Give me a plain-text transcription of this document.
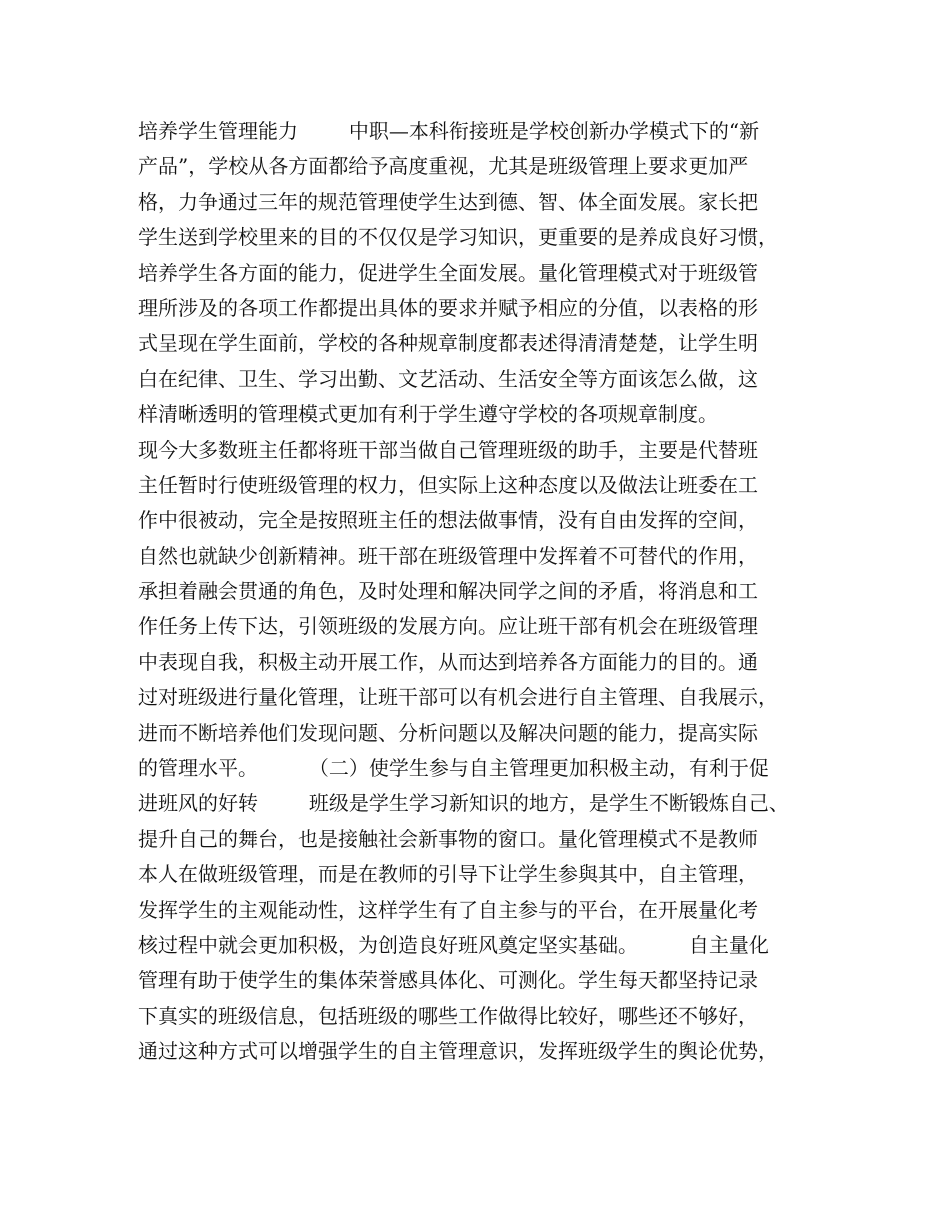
培养学生管理能力        中职—本科衔接班是学校创新办学模式下的“新
产品”，学校从各方面都给予高度重视，尤其是班级管理上要求更加严
格，力争通过三年的规范管理使学生达到德、智、体全面发展。家长把
学生送到学校里来的目的不仅仅是学习知识，更重要的是养成良好习惯，
培养学生各方面的能力，促进学生全面发展。量化管理模式对于班级管
理所涉及的各项工作都提出具体的要求并赋予相应的分值，以表格的形
式呈现在学生面前，学校的各种规章制度都表述得清清楚楚，让学生明
白在纪律、卫生、学习出勤、文艺活动、生活安全等方面该怎么做，这
样清晰透明的管理模式更加有利于学生遵守学校的各项规章制度。
现今大多数班主任都将班干部当做自己管理班级的助手，主要是代替班
主任暂时行使班级管理的权力，但实际上这种态度以及做法让班委在工
作中很被动，完全是按照班主任的想法做事情，没有自由发挥的空间，
自然也就缺少创新精神。班干部在班级管理中发挥着不可替代的作用，
承担着融会贯通的角色，及时处理和解决同学之间的矛盾，将消息和工
作任务上传下达，引领班级的发展方向。应让班干部有机会在班级管理
中表现自我，积极主动开展工作，从而达到培养各方面能力的目的。通
过对班级进行量化管理，让班干部可以有机会进行自主管理、自我展示，
进而不断培养他们发现问题、分析问题以及解决问题的能力，提高实际
的管理水平。        （二）使学生参与自主管理更加积极主动，有利于促
进班风的好转        班级是学生学习新知识的地方，是学生不断锻炼自己、
提升自己的舞台，也是接触社会新事物的窗口。量化管理模式不是教师
本人在做班级管理，而是在教师的引导下让学生参與其中，自主管理，
发挥学生的主观能动性，这样学生有了自主参与的平台，在开展量化考
核过程中就会更加积极，为创造良好班风奠定坚实基础。        自主量化
管理有助于使学生的集体荣誉感具体化、可测化。学生每天都坚持记录
下真实的班级信息，包括班级的哪些工作做得比较好，哪些还不够好，
通过这种方式可以增强学生的自主管理意识，发挥班级学生的舆论优势，
